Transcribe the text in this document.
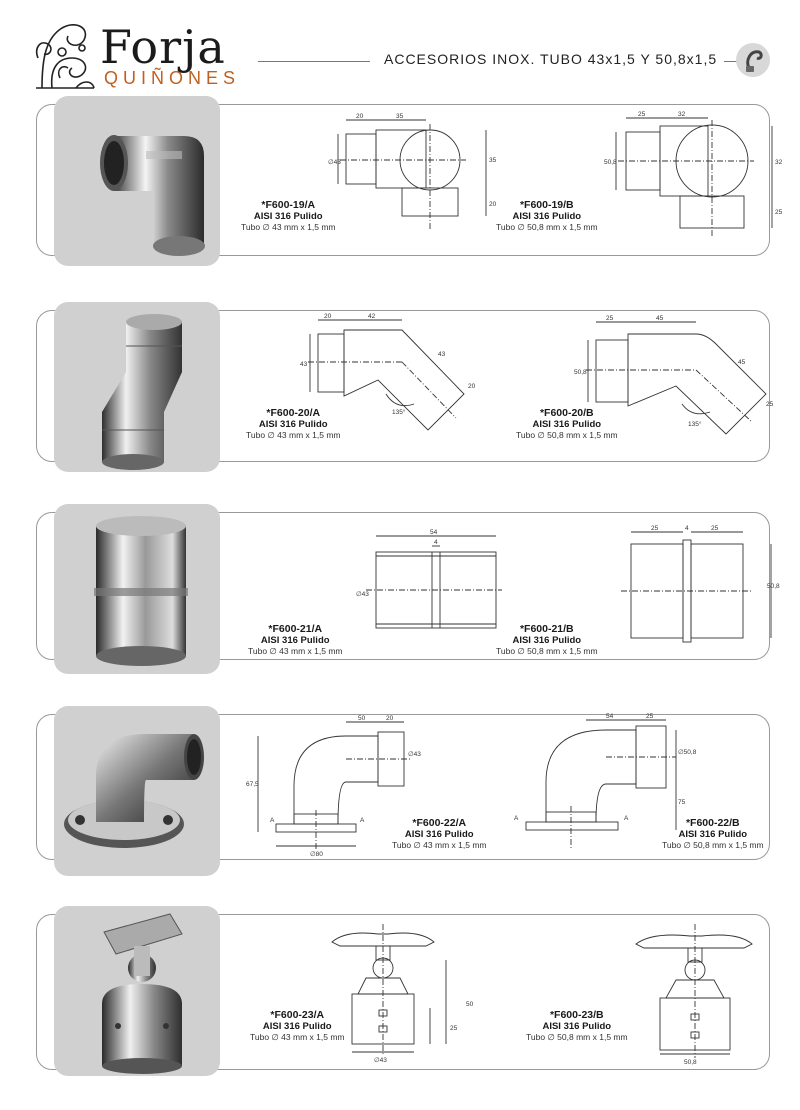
Forja
QUIÑONES
ACCESORIOS INOX. TUBO 43x1,5 Y 50,8x1,5
*F600-19/A
AISI 316 Pulido
Tubo ∅ 43 mm x 1,5 mm
20	35
∅43	35
20	*F600-19/B
AISI 316 Pulido
Tubo ∅ 50,8 mm x 1,5 mm
25	32
50,8	32
25
*F600-20/A
AISI 316 Pulido
Tubo ∅ 43 mm x 1,5 mm
20	42
43
43
20
135°	*F600-20/B
AISI 316 Pulido
Tubo ∅ 50,8 mm x 1,5 mm
25	45
50,8
45
25
135°
*F600-21/A
AISI 316 Pulido
Tubo ∅ 43 mm x 1,5 mm
54
4
∅43
*F600-21/B
AISI 316 Pulido
Tubo ∅ 50,8 mm x 1,5 mm
25	4	25
50,8
50	20
∅43
67,5
∅80
A	A	*F600-22/A
AISI 316 Pulido
Tubo ∅ 43 mm x 1,5 mm
54	25
∅50,8
75
A	A	*F600-22/B
AISI 316 Pulido
Tubo ∅ 50,8 mm x 1,5 mm
*F600-23/A
AISI 316 Pulido
Tubo ∅ 43 mm x 1,5 mm
50
25
∅43
*F600-23/B
AISI 316 Pulido
Tubo ∅ 50,8 mm x 1,5 mm
50,8
